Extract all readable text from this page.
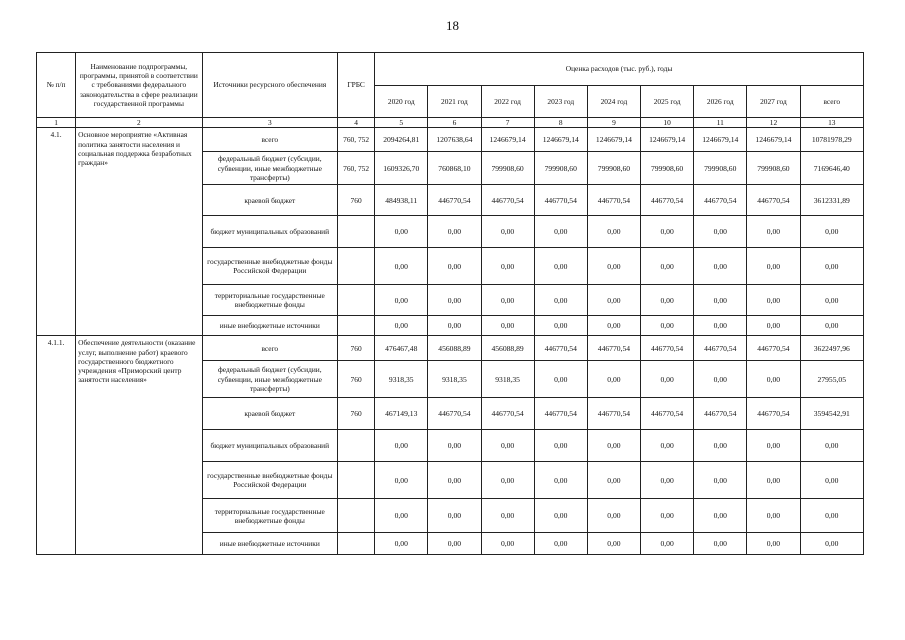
18
№ п/п	Наименование подпрограммы, программы, принятой в соответствии с требованиями федерального законодательства в сфере реализации государственной программы	Источники ресурсного обеспечения	ГРБС	Оценка расходов (тыс. руб.), годы								
				2020 год	2021 год	2022 год	2023 год	2024 год	2025 год	2026 год	2027 год	всего
1	2	3	4	5	6	7	8	9	10	11	12	13
4.1.	Основное мероприятие «Активная политика занятости населения и социальная поддержка безработных граждан»	всего	760, 752	2094264,81	1207638,64	1246679,14	1246679,14	1246679,14	1246679,14	1246679,14	1246679,14	10781978,29
		федеральный бюджет (субсидии, субвенции, иные межбюджетные трансферты)	760, 752	1609326,70	760868,10	799908,60	799908,60	799908,60	799908,60	799908,60	799908,60	7169646,40
		краевой бюджет	760	484938,11	446770,54	446770,54	446770,54	446770,54	446770,54	446770,54	446770,54	3612331,89
		бюджет муниципальных образований		0,00	0,00	0,00	0,00	0,00	0,00	0,00	0,00	0,00
		государственные внебюджетные фонды Российской Федерации		0,00	0,00	0,00	0,00	0,00	0,00	0,00	0,00	0,00
		территориальные государственные внебюджетные фонды		0,00	0,00	0,00	0,00	0,00	0,00	0,00	0,00	0,00
		иные внебюджетные источники		0,00	0,00	0,00	0,00	0,00	0,00	0,00	0,00	0,00
4.1.1.	Обеспечение деятельности (оказание услуг, выполнение работ) краевого государственного бюджетного учреждения «Приморский центр занятости населения»	всего	760	476467,48	456088,89	456088,89	446770,54	446770,54	446770,54	446770,54	446770,54	3622497,96
		федеральный бюджет (субсидии, субвенции, иные межбюджетные трансферты)	760	9318,35	9318,35	9318,35	0,00	0,00	0,00	0,00	0,00	27955,05
		краевой бюджет	760	467149,13	446770,54	446770,54	446770,54	446770,54	446770,54	446770,54	446770,54	3594542,91
		бюджет муниципальных образований		0,00	0,00	0,00	0,00	0,00	0,00	0,00	0,00	0,00
		государственные внебюджетные фонды Российской Федерации		0,00	0,00	0,00	0,00	0,00	0,00	0,00	0,00	0,00
		территориальные государственные внебюджетные фонды		0,00	0,00	0,00	0,00	0,00	0,00	0,00	0,00	0,00
		иные внебюджетные источники		0,00	0,00	0,00	0,00	0,00	0,00	0,00	0,00	0,00
